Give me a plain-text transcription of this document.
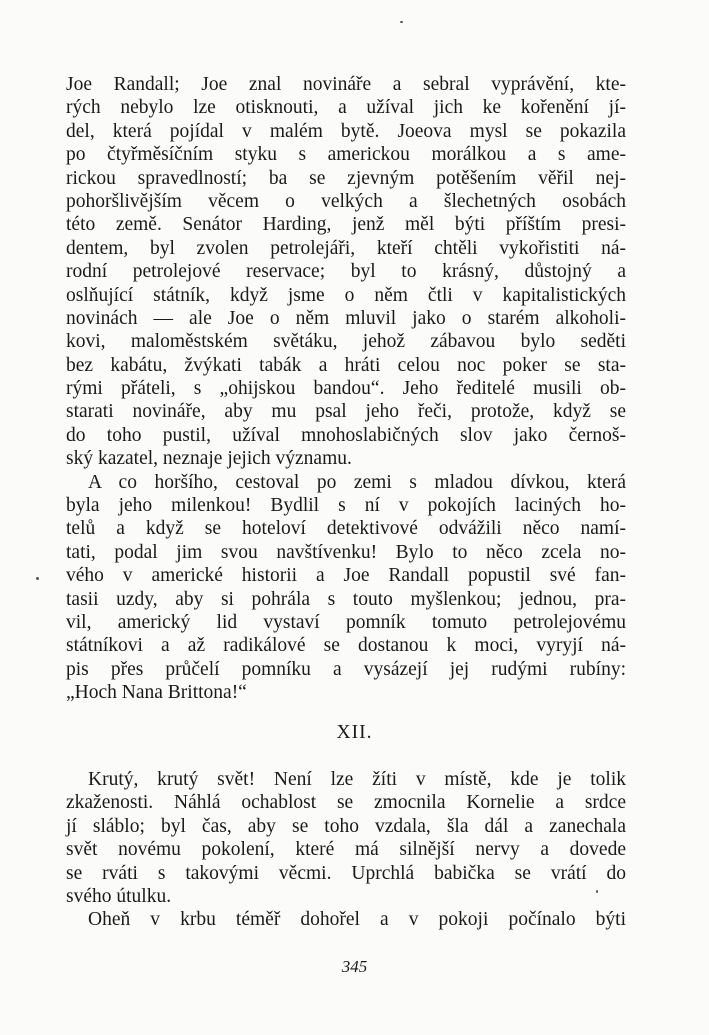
Joe Randall; Joe znal novináře a sebral vyprávění, kte-
rých nebylo lze otisknouti, a užíval jich ke kořenění jí-
del, která pojídal v malém bytě. Joeova mysl se pokazila
po čtyřměsíčním styku s americkou morálkou a s ame-
rickou spravedlností; ba se zjevným potěšením věřil nej-
pohoršlivějším věcem o velkých a šlechetných osobách
této země. Senátor Harding, jenž měl býti příštím presi-
dentem, byl zvolen petrolejáři, kteří chtěli vykořistiti ná-
rodní petrolejové reservace; byl to krásný, důstojný a
oslňující státník, když jsme o něm čtli v kapitalistických
novinách — ale Joe o něm mluvil jako o starém alkoholi-
kovi, maloměstském světáku, jehož zábavou bylo seděti
bez kabátu, žvýkati tabák a hráti celou noc poker se sta-
rými přáteli, s „ohijskou bandou“. Jeho ředitelé musili ob-
starati novináře, aby mu psal jeho řeči, protože, když se
do toho pustil, užíval mnohoslabičných slov jako černoš-
ský kazatel, neznaje jejich významu.
A co horšího, cestoval po zemi s mladou dívkou, která
byla jeho milenkou! Bydlil s ní v pokojích laciných ho-
telů a když se hoteloví detektivové odvážili něco namí-
tati, podal jim svou navštívenku! Bylo to něco zcela no-
vého v americké historii a Joe Randall popustil své fan-
tasii uzdy, aby si pohrála s touto myšlenkou; jednou, pra-
vil, americký lid vystaví pomník tomuto petrolejovému
státníkovi a až radikálové se dostanou k moci, vyryjí ná-
pis přes průčelí pomníku a vysázejí jej rudými rubíny:
„Hoch Nana Brittona!“
XII.
Krutý, krutý svět! Není lze žíti v místě, kde je tolik
zkaženosti. Náhlá ochablost se zmocnila Kornelie a srdce
jí sláblo; byl čas, aby se toho vzdala, šla dál a zanechala
svět novému pokolení, které má silnější nervy a dovede
se rváti s takovými věcmi. Uprchlá babička se vrátí do
svého útulku.
Oheň v krbu téměř dohořel a v pokoji počínalo býti
345
